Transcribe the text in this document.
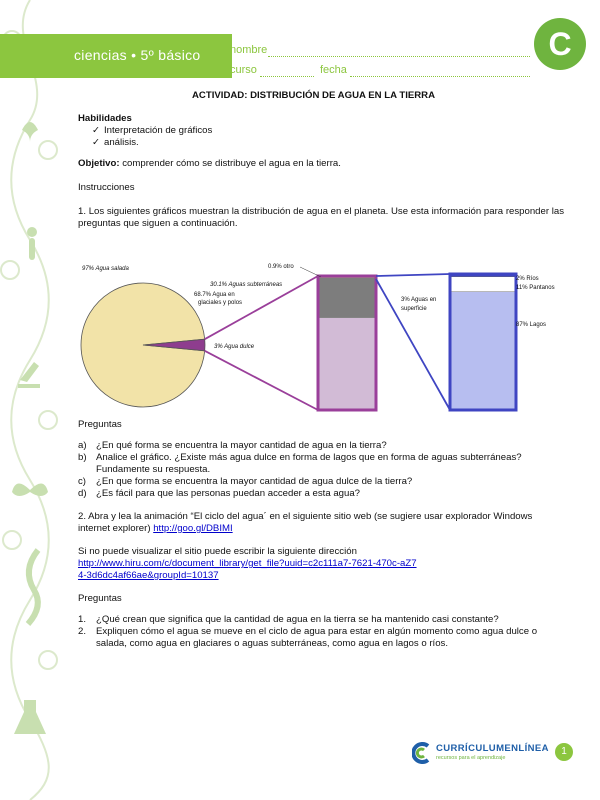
ciencias • 5º básico	nombre
curso	fecha
C
ACTIVIDAD: DISTRIBUCIÓN DE AGUA EN LA TIERRA
Habilidades
✓ Interpretación de gráficos
✓ análisis.
Objetivo: comprender cómo se distribuye el agua en la tierra.
Instrucciones
1. Los siguientes gráficos muestran la distribución de agua en el planeta. Use esta información para responder las preguntas que siguen a continuación.
97% Agua salada
3% Agua dulce
0.9% otro
30.1% Aguas subterráneas
68.7% Agua en
glaciales y polos	3% Aguas en
superficie
2% Ríos
11% Pantanos
87% Lagos
Preguntas
a) ¿En qué forma se encuentra la mayor cantidad de agua en la tierra?
b) Analice el gráfico. ¿Existe más agua dulce en forma de lagos que en forma de aguas subterráneas? Fundamente su respuesta.
c) ¿En que forma se encuentra la mayor cantidad de agua dulce de la tierra?
d) ¿Es fácil para que las personas puedan acceder a esta agua?
2. Abra y lea la animación “El ciclo del agua´ en el siguiente sitio web (se sugiere usar explorador Windows internet explorer) http://goo.gl/DBIMI
Si no puede visualizar el sitio puede escribir la siguiente dirección
http://www.hiru.com/c/document_library/get_file?uuid=c2c111a7-7621-470c-aZ74-3d6dc4af66ae&groupId=10137
Preguntas
1. ¿Qué crean que significa que la cantidad de agua en la tierra se ha mantenido casi constante?
2. Expliquen cómo el agua se mueve en el ciclo de agua para estar en algún momento como agua dulce o salada, como agua en glaciares o aguas subterráneas, como agua en lagos o ríos.
CURRÍCULUMENLÍNEA
recursos para el aprendizaje
1
